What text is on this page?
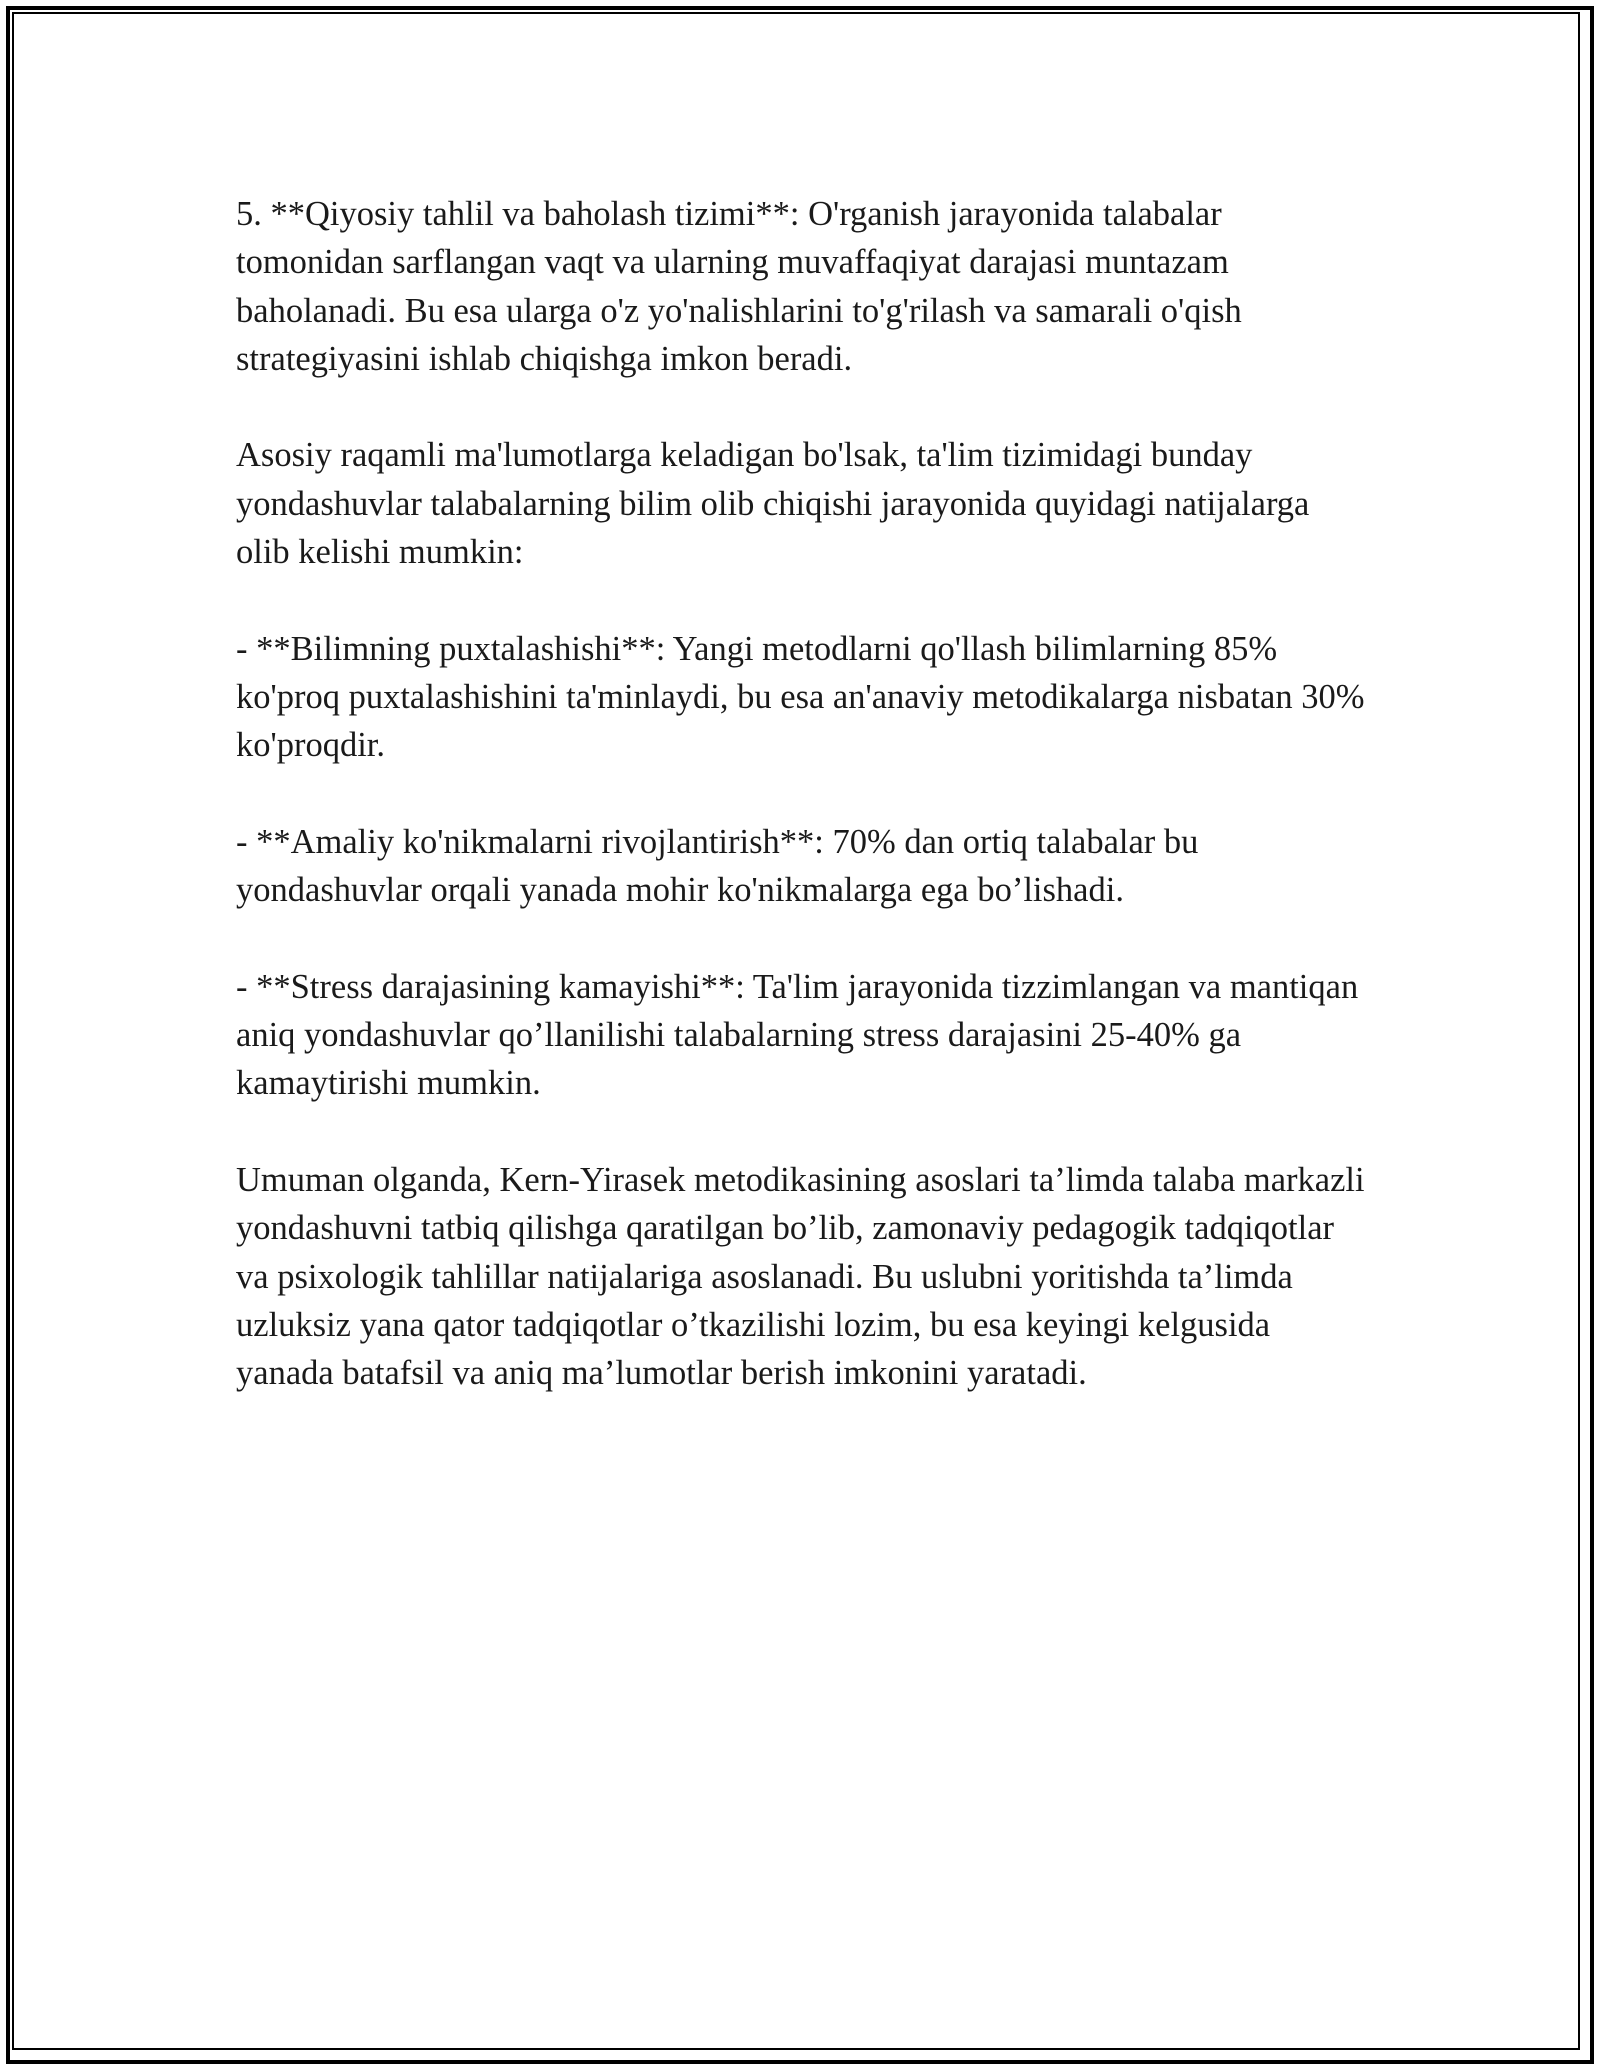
5. **Qiyosiy tahlil va baholash tizimi**: O'rganish jarayonida talabalar tomonidan sarflangan vaqt va ularning muvaffaqiyat darajasi muntazam baholanadi. Bu esa ularga o'z yo'nalishlarini to'g'rilash va samarali o'qish strategiyasini ishlab chiqishga imkon beradi.

Asosiy raqamli ma'lumotlarga keladigan bo'lsak, ta'lim tizimidagi bunday yondashuvlar talabalarning bilim olib chiqishi jarayonida quyidagi natijalarga olib kelishi mumkin:

- **Bilimning puxtalashishi**: Yangi metodlarni qo'llash bilimlarning 85% ko'proq puxtalashishini ta'minlaydi, bu esa an'anaviy metodikalarga nisbatan 30% ko'proqdir.

- **Amaliy ko'nikmalarni rivojlantirish**: 70% dan ortiq talabalar bu yondashuvlar orqali yanada mohir ko'nikmalarga ega bo’lishadi.

- **Stress darajasining kamayishi**: Ta'lim jarayonida tizzimlangan va mantiqan aniq yondashuvlar qo’llanilishi talabalarning stress darajasini 25-40% ga kamaytirishi mumkin.

Umuman olganda, Kern-Yirasek metodikasining asoslari ta’limda talaba markazli yondashuvni tatbiq qilishga qaratilgan bo’lib, zamonaviy pedagogik tadqiqotlar va psixologik tahlillar natijalariga asoslanadi. Bu uslubni yoritishda ta’limda uzluksiz yana qator tadqiqotlar o’tkazilishi lozim, bu esa keyingi kelgusida yanada batafsil va aniq ma’lumotlar berish imkonini yaratadi.
